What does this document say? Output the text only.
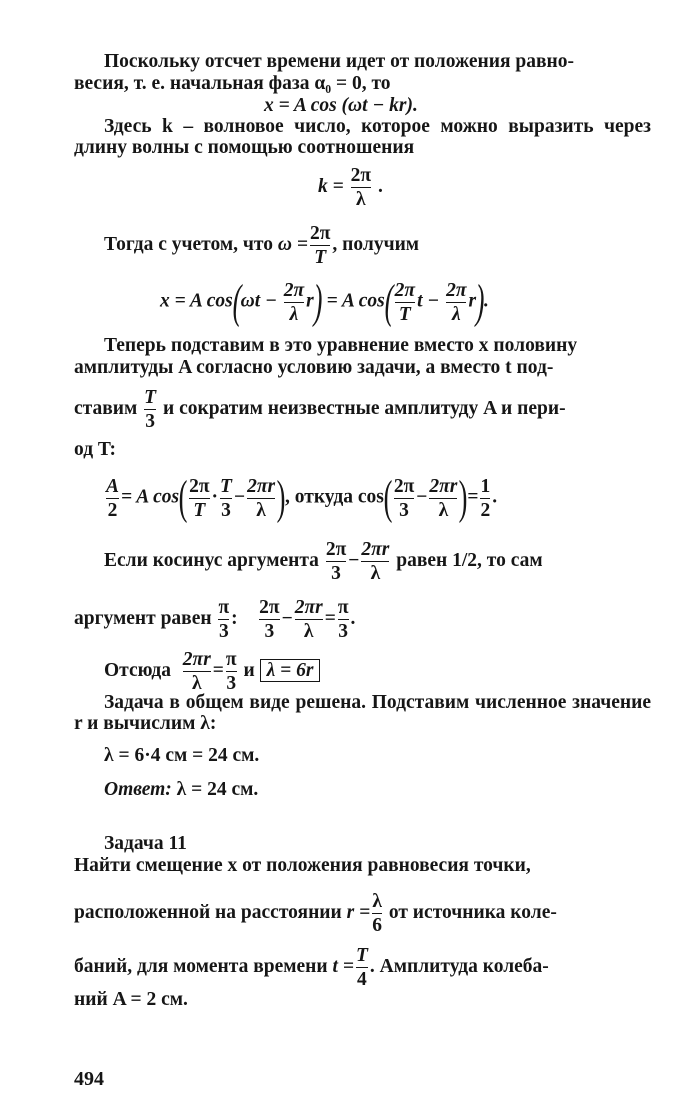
Поскольку отсчет времени идет от положения равно-
весия, т. е. начальная фаза α₀ = 0, то
x = A cos (ωt − kr).

Здесь k – волновое число, которое можно выразить через длину волны с помощью соотношения

$k = \frac{2\pi}{\lambda}$ .
Тогда с учетом, что $\omega = \frac{2\pi}{T}$ , получим
x = A $\cos(\omega t - \frac{2\pi}{\lambda} r) = A$ $\cos( \frac{2\pi}{T}$ $t - \frac{2\pi}{\lambda} r$).
Теперь подставим в это уравнение вместо x половину
амплитуды A согласно условию задачи, а вместо t под-
ставим $\frac{T}{3}$ и сократим неизвестные амплитуду A и пери-
од T:
$\frac{A}{2} = A$ $\cos( \frac{2\pi}{T} \cdot \frac{T}{3} - \frac{2\pi r}{\lambda}$ ), откуда $\cos( \frac{2\pi}{3} - \frac{2\pi r}{\lambda}$ )= $\frac{1}{2}$ .
Если косинус аргумента $\frac{2\pi}{3} - \frac{2\pi r}{\lambda}$ равен 1/2, то сам
аргумент равен $\frac{\pi}{3}$ : $\frac{2\pi}{3} - \frac{2\pi r}{\lambda} = \frac{\pi}{3}$ .
Отсюда $\frac{2\pi r}{\lambda} = \frac{\pi}{3}$ и λ = 6r

Задача в общем виде решена. Подставим численное значение r и вычислим λ:

λ = 6·4 см = 24 см.
Ответ: λ = 24 см.
Задача 11
Найти смещение x от положения равновесия точки,
расположенной на расстоянии $r = \frac{\lambda}{6}$ от источника коле-
баний, для момента времени $t = \frac{T}{4}$ . Амплитуда колеба-
ний A = 2 см.
494
